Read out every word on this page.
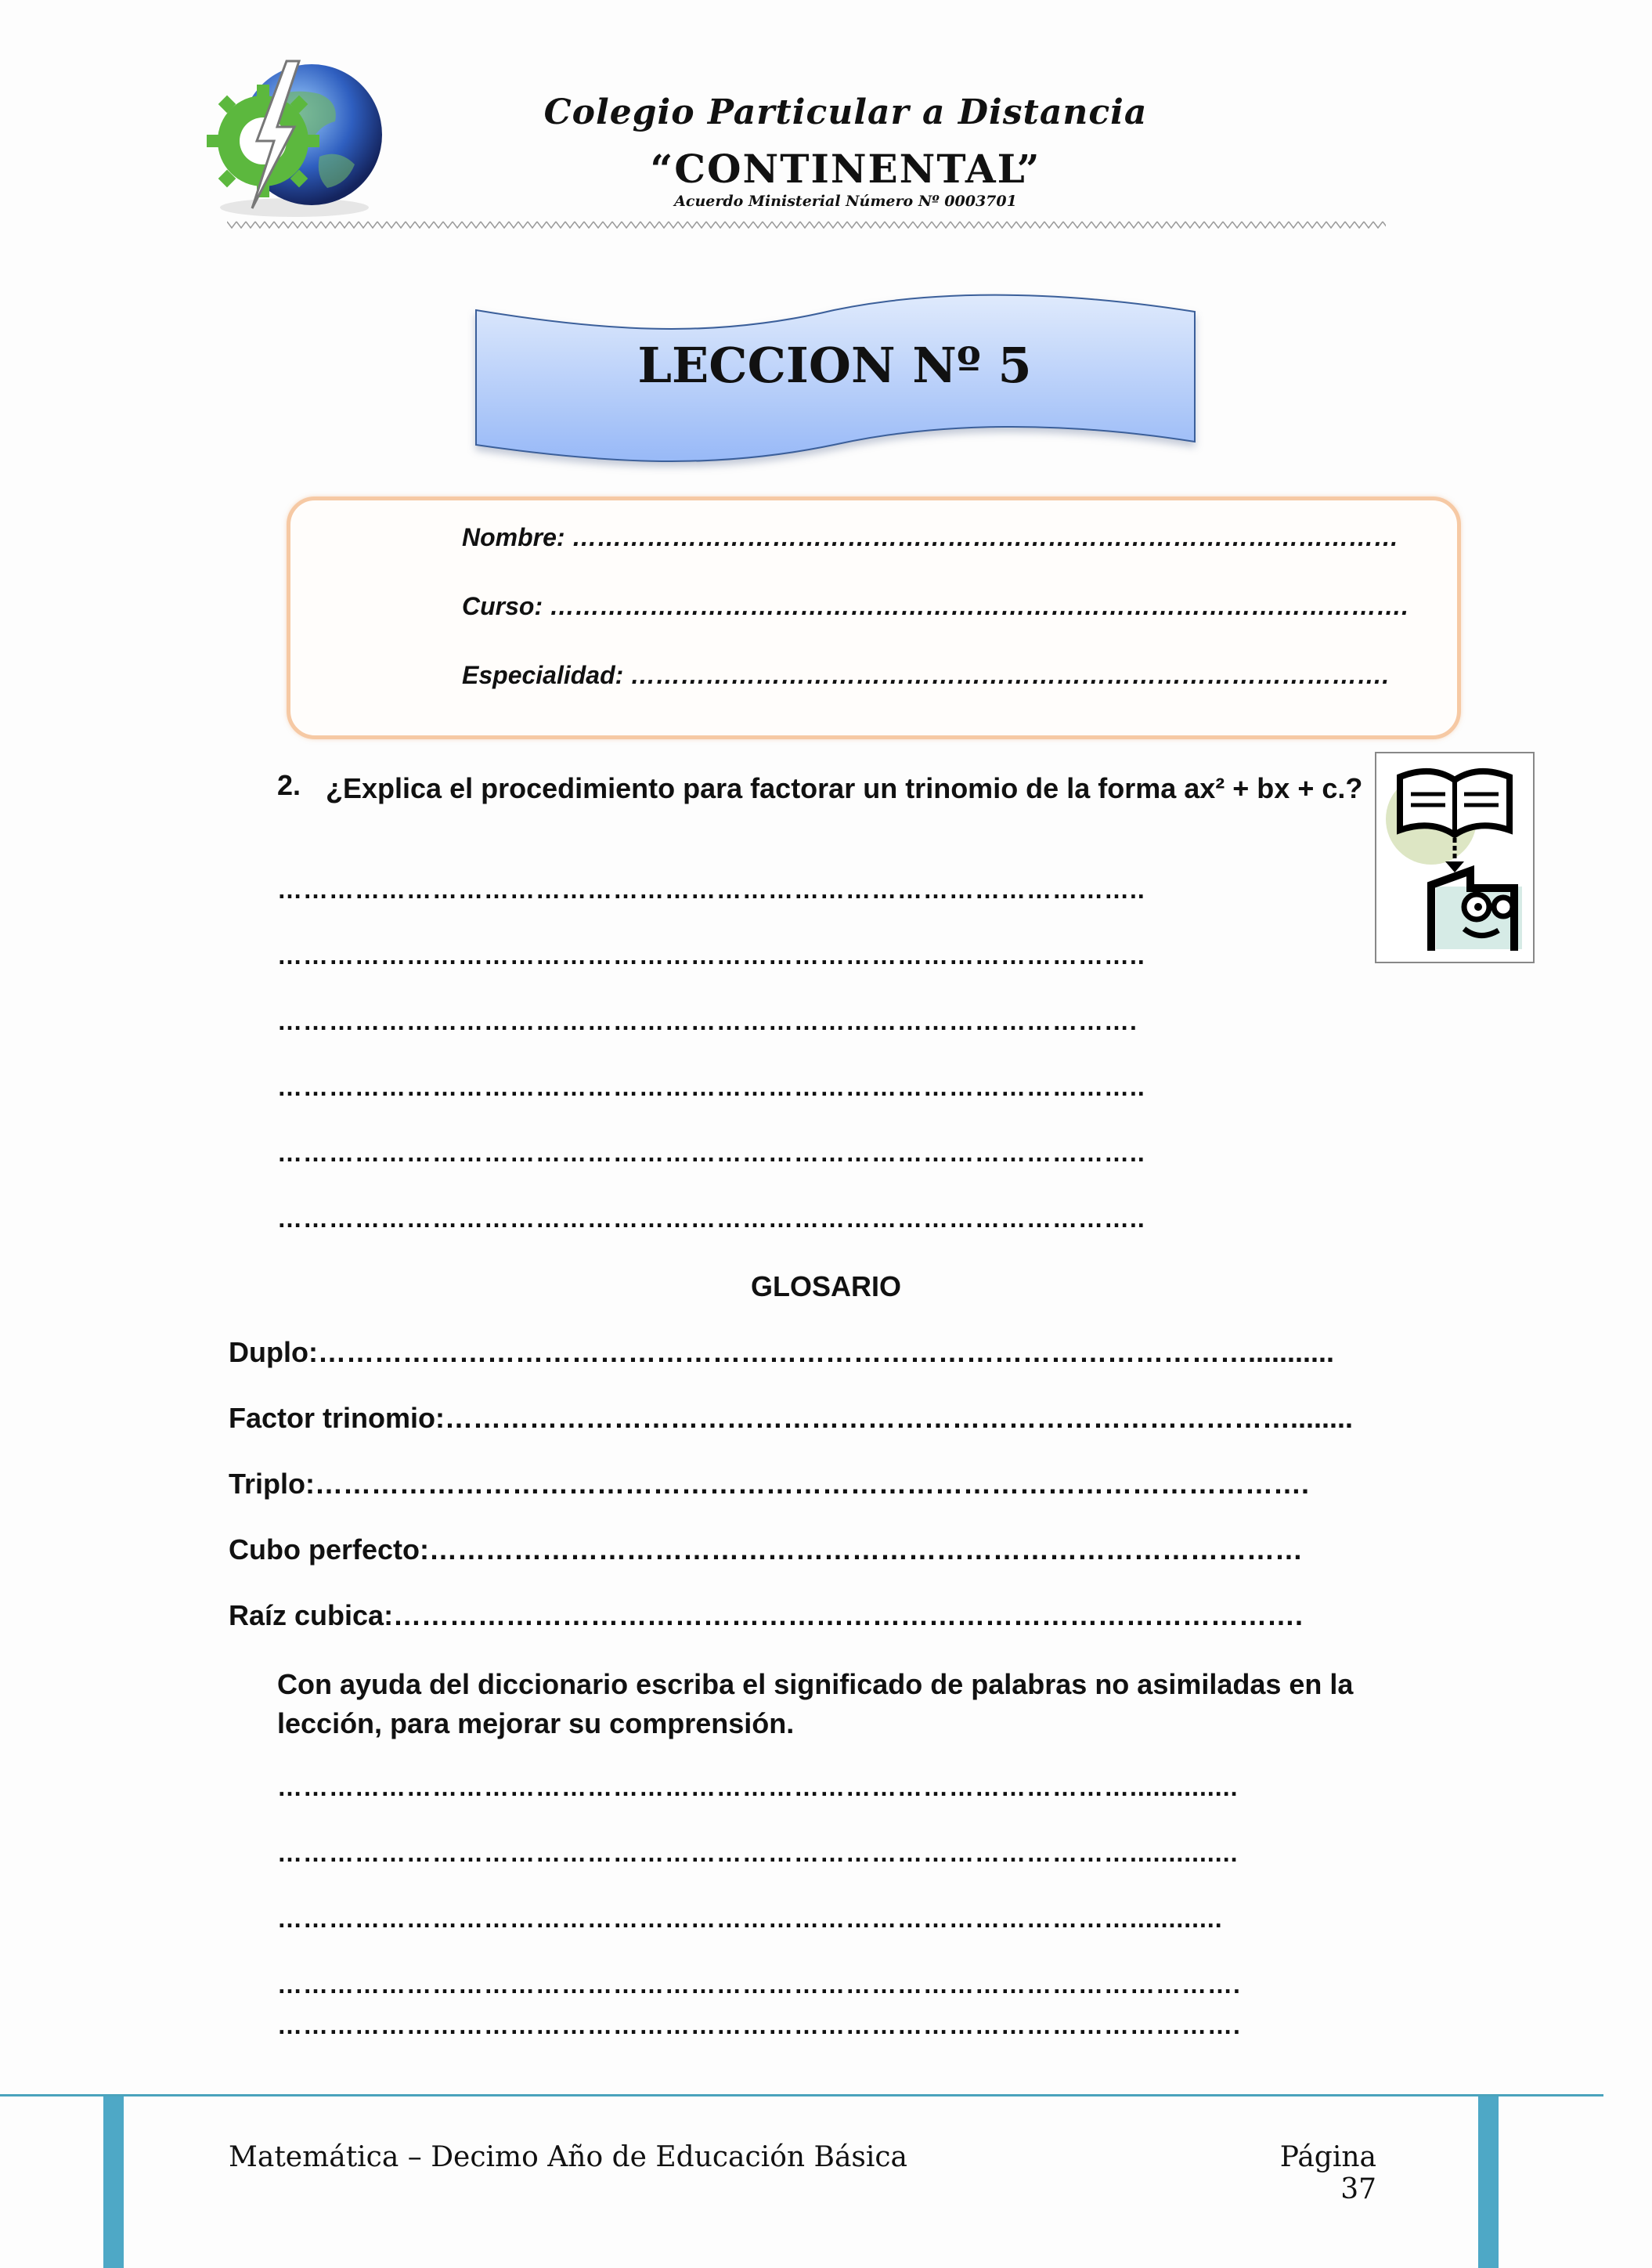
Colegio Particular a Distancia
“CONTINENTAL”
Acuerdo Ministerial Número Nº 0003701
LECCION Nº 5
Nombre: ………………………………………………………………………………………
Curso: ………………………………………………………………………………………….
Especialidad: ……………………………………………………………………………….
2. ¿Explica el procedimiento para factorar un trinomio de la forma ax² + bx + c.?
………………………………………………………………………………………..
………………………………………………………………………………………..
……………………………………………………………………………………….
………………………………………………………………………………………..
………………………………………………………………………………………..
………………………………………………………………………………………..
GLOSARIO
Duplo:………………………………………………………………………………………...........
Factor trinomio:………………………………………………………………………………........
Triplo:…………………………………………………………………………………………….
Cubo perfecto:…………………………………………………………………………………
Raíz cubica:…………………………………………………………………………………….
Con ayuda del diccionario escriba el significado de palabras no asimiladas en la lección, para mejorar su comprensión.
………………………………………………………………………………………..............
………………………………………………………………………………………..............
………………………………………………………………………………………............
………………………………………………………………………………………………….
………………………………………………………………………………………………….
Matemática – Decimo Año de Educación Básica	Página 37
